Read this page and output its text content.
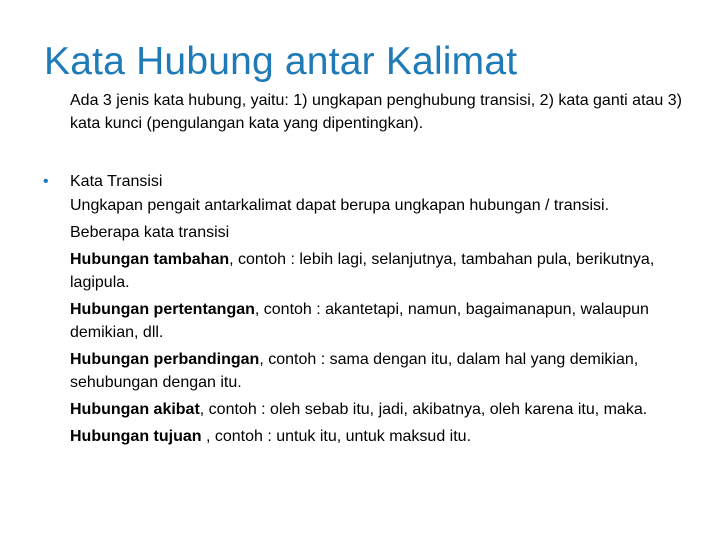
Kata Hubung antar Kalimat

Ada 3 jenis kata hubung, yaitu: 1) ungkapan penghubung transisi, 2) kata ganti atau 3) kata kunci (pengulangan kata yang dipentingkan).

• Kata Transisi

Ungkapan pengait antarkalimat dapat berupa ungkapan hubungan / transisi.

Beberapa kata transisi

Hubungan tambahan, contoh : lebih lagi, selanjutnya, tambahan pula, berikutnya, lagipula.

Hubungan pertentangan, contoh : akantetapi, namun, bagaimanapun, walaupun demikian, dll.

Hubungan perbandingan, contoh : sama dengan itu, dalam hal yang demikian, sehubungan dengan itu.

Hubungan akibat, contoh : oleh sebab itu, jadi, akibatnya, oleh karena itu, maka.

Hubungan tujuan , contoh : untuk itu, untuk maksud itu.
